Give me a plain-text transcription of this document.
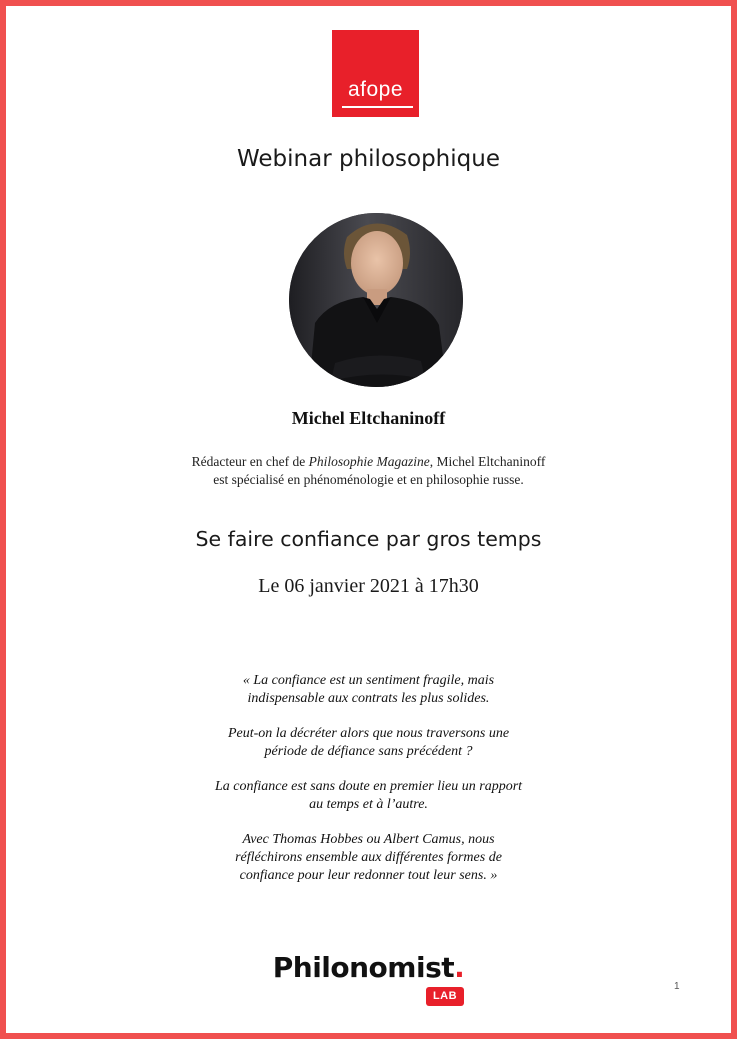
afope
Webinar philosophique
Michel Eltchaninoff
Rédacteur en chef de Philosophie Magazine, Michel Eltchaninoff
est spécialisé en phénoménologie et en philosophie russe.
Se faire confiance par gros temps
Le 06 janvier 2021 à 17h30

« La confiance est un sentiment fragile, mais
indispensable aux contrats les plus solides.

Peut-on la décréter alors que nous traversons une
période de défiance sans précédent ?

La confiance est sans doute en premier lieu un rapport
au temps et à l’autre.

Avec Thomas Hobbes ou Albert Camus, nous
réfléchirons ensemble aux différentes formes de
confiance pour leur redonner tout leur sens. »

Philonomist.
LAB
1
